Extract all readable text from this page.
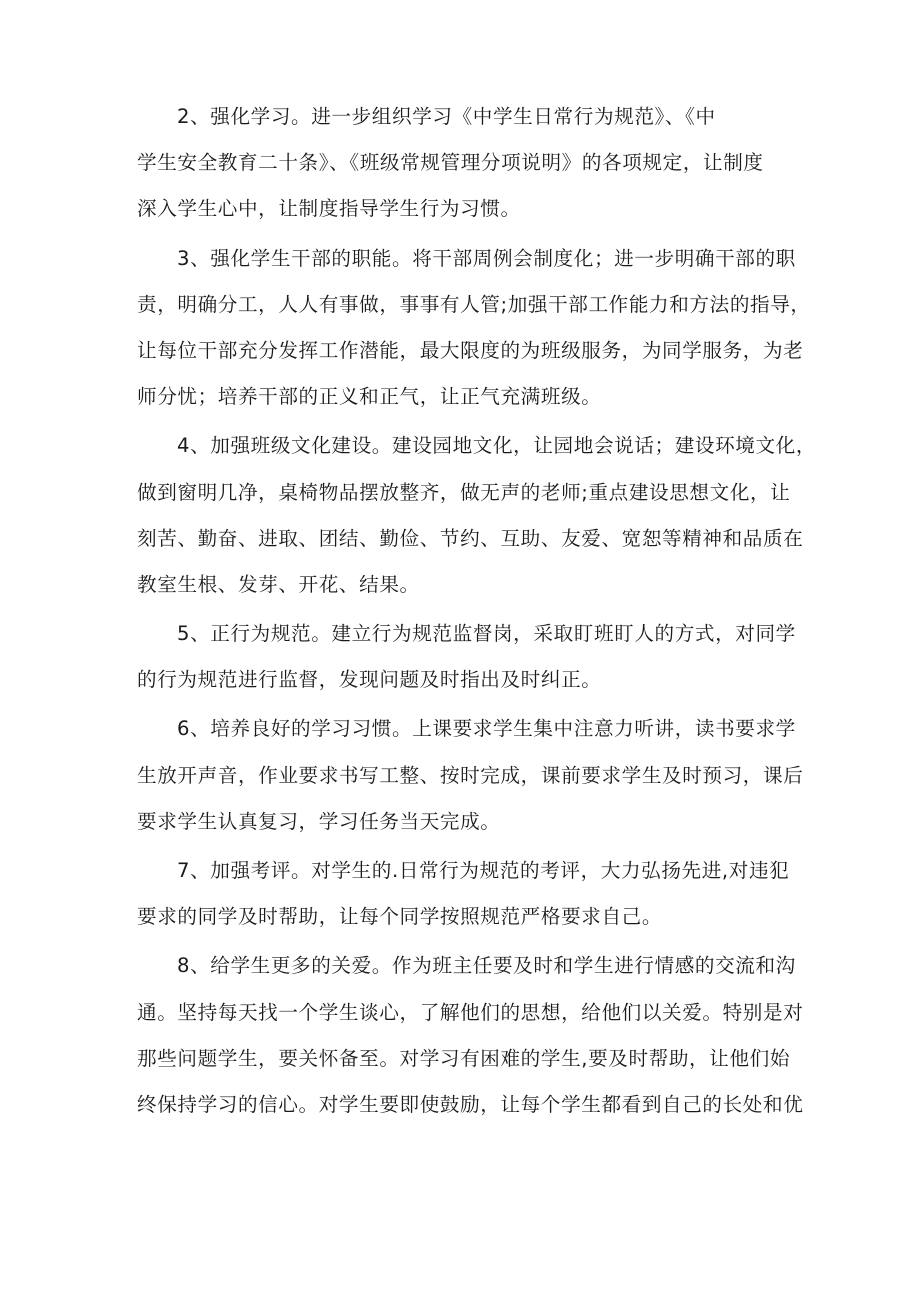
2、强化学习。进一步组织学习《中学生日常行为规范》、《中
学生安全教育二十条》、《班级常规管理分项说明》的各项规定，让制度
深入学生心中，让制度指导学生行为习惯。

3、强化学生干部的职能。将干部周例会制度化；进一步明确干部的职
责，明确分工，人人有事做，事事有人管;加强干部工作能力和方法的指导，
让每位干部充分发挥工作潜能，最大限度的为班级服务，为同学服务，为老
师分忧；培养干部的正义和正气，让正气充满班级。

4、加强班级文化建设。建设园地文化，让园地会说话；建设环境文化，
做到窗明几净，桌椅物品摆放整齐，做无声的老师;重点建设思想文化，让
刻苦、勤奋、进取、团结、勤俭、节约、互助、友爱、宽恕等精神和品质在
教室生根、发芽、开花、结果。

5、正行为规范。建立行为规范监督岗，采取盯班盯人的方式，对同学
的行为规范进行监督，发现问题及时指出及时纠正。

6、培养良好的学习习惯。上课要求学生集中注意力听讲，读书要求学
生放开声音，作业要求书写工整、按时完成，课前要求学生及时预习，课后
要求学生认真复习，学习任务当天完成。

7、加强考评。对学生的.日常行为规范的考评，大力弘扬先进,对违犯
要求的同学及时帮助，让每个同学按照规范严格要求自己。

8、给学生更多的关爱。作为班主任要及时和学生进行情感的交流和沟
通。坚持每天找一个学生谈心，了解他们的思想，给他们以关爱。特别是对
那些问题学生，要关怀备至。对学习有困难的学生,要及时帮助，让他们始
终保持学习的信心。对学生要即使鼓励，让每个学生都看到自己的长处和优
